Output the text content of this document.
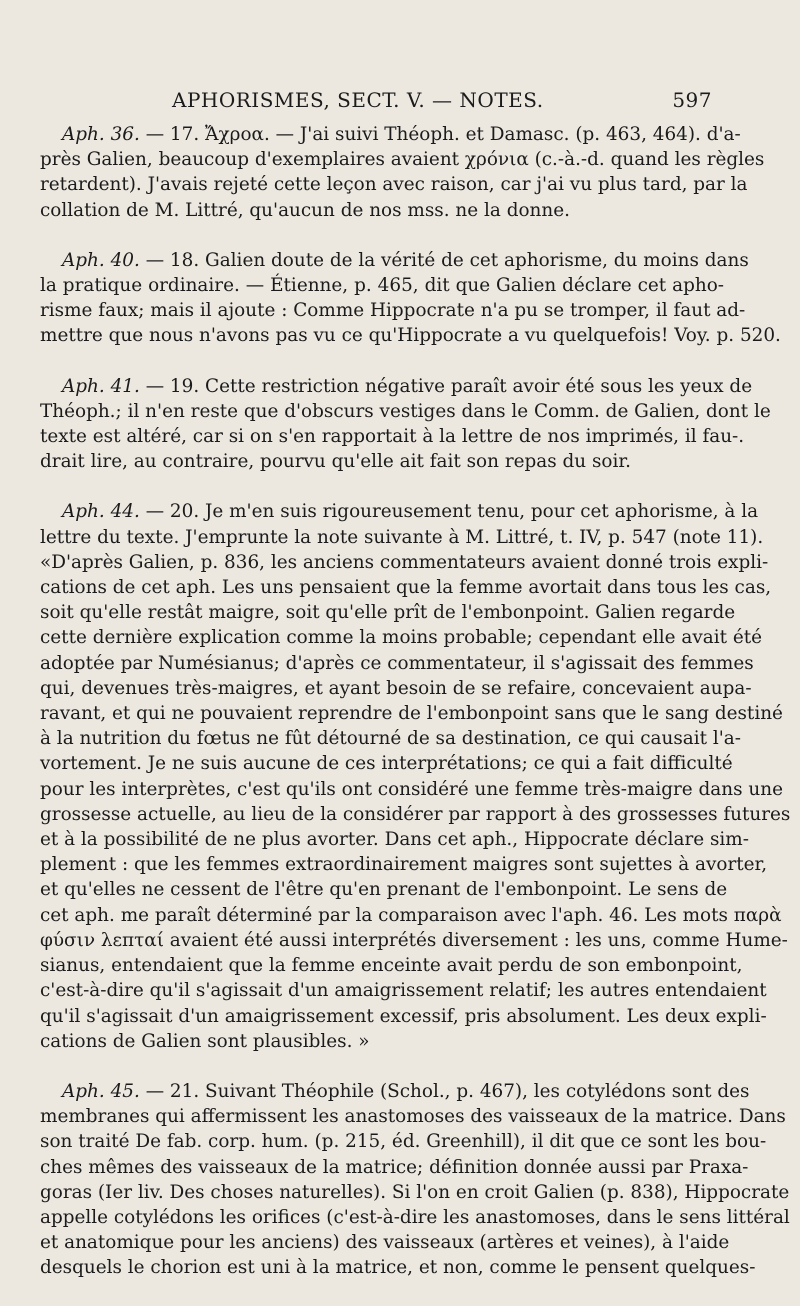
APHORISMES, SECT. V. — NOTES.	597
Aph. 36. — 17. Ἄχροα. — J'ai suivi Théoph. et Damasc. (p. 463, 464). d'a-
près Galien, beaucoup d'exemplaires avaient χρόνια (c.-à.-d. quand les règles
retardent). J'avais rejeté cette leçon avec raison, car j'ai vu plus tard, par la
collation de M. Littré, qu'aucun de nos mss. ne la donne.
Aph. 40. — 18. Galien doute de la vérité de cet aphorisme, du moins dans
la pratique ordinaire. — Étienne, p. 465, dit que Galien déclare cet apho-
risme faux; mais il ajoute : Comme Hippocrate n'a pu se tromper, il faut ad-
mettre que nous n'avons pas vu ce qu'Hippocrate a vu quelquefois! Voy. p. 520.
Aph. 41. — 19. Cette restriction négative paraît avoir été sous les yeux de
Théoph.; il n'en reste que d'obscurs vestiges dans le Comm. de Galien, dont le
texte est altéré, car si on s'en rapportait à la lettre de nos imprimés, il fau-.
drait lire, au contraire, pourvu qu'elle ait fait son repas du soir.
Aph. 44. — 20. Je m'en suis rigoureusement tenu, pour cet aphorisme, à la
lettre du texte. J'emprunte la note suivante à M. Littré, t. IV, p. 547 (note 11).
«D'après Galien, p. 836, les anciens commentateurs avaient donné trois expli-
cations de cet aph. Les uns pensaient que la femme avortait dans tous les cas,
soit qu'elle restât maigre, soit qu'elle prît de l'embonpoint. Galien regarde
cette dernière explication comme la moins probable; cependant elle avait été
adoptée par Numésianus; d'après ce commentateur, il s'agissait des femmes
qui, devenues très-maigres, et ayant besoin de se refaire, concevaient aupa-
ravant, et qui ne pouvaient reprendre de l'embonpoint sans que le sang destiné
à la nutrition du fœtus ne fût détourné de sa destination, ce qui causait l'a-
vortement. Je ne suis aucune de ces interprétations; ce qui a fait difficulté
pour les interprètes, c'est qu'ils ont considéré une femme très-maigre dans une
grossesse actuelle, au lieu de la considérer par rapport à des grossesses futures
et à la possibilité de ne plus avorter. Dans cet aph., Hippocrate déclare sim-
plement : que les femmes extraordinairement maigres sont sujettes à avorter,
et qu'elles ne cessent de l'être qu'en prenant de l'embonpoint. Le sens de
cet aph. me paraît déterminé par la comparaison avec l'aph. 46. Les mots παρὰ
φύσιν λεπταί avaient été aussi interprétés diversement : les uns, comme Hume-
sianus, entendaient que la femme enceinte avait perdu de son embonpoint,
c'est-à-dire qu'il s'agissait d'un amaigrissement relatif; les autres entendaient
qu'il s'agissait d'un amaigrissement excessif, pris absolument. Les deux expli-
cations de Galien sont plausibles. »
Aph. 45. — 21. Suivant Théophile (Schol., p. 467), les cotylédons sont des
membranes qui affermissent les anastomoses des vaisseaux de la matrice. Dans
son traité De fab. corp. hum. (p. 215, éd. Greenhill), il dit que ce sont les bou-
ches mêmes des vaisseaux de la matrice; définition donnée aussi par Praxa-
goras (Ier liv. Des choses naturelles). Si l'on en croit Galien (p. 838), Hippocrate
appelle cotylédons les orifices (c'est-à-dire les anastomoses, dans le sens littéral
et anatomique pour les anciens) des vaisseaux (artères et veines), à l'aide
desquels le chorion est uni à la matrice, et non, comme le pensent quelques-
